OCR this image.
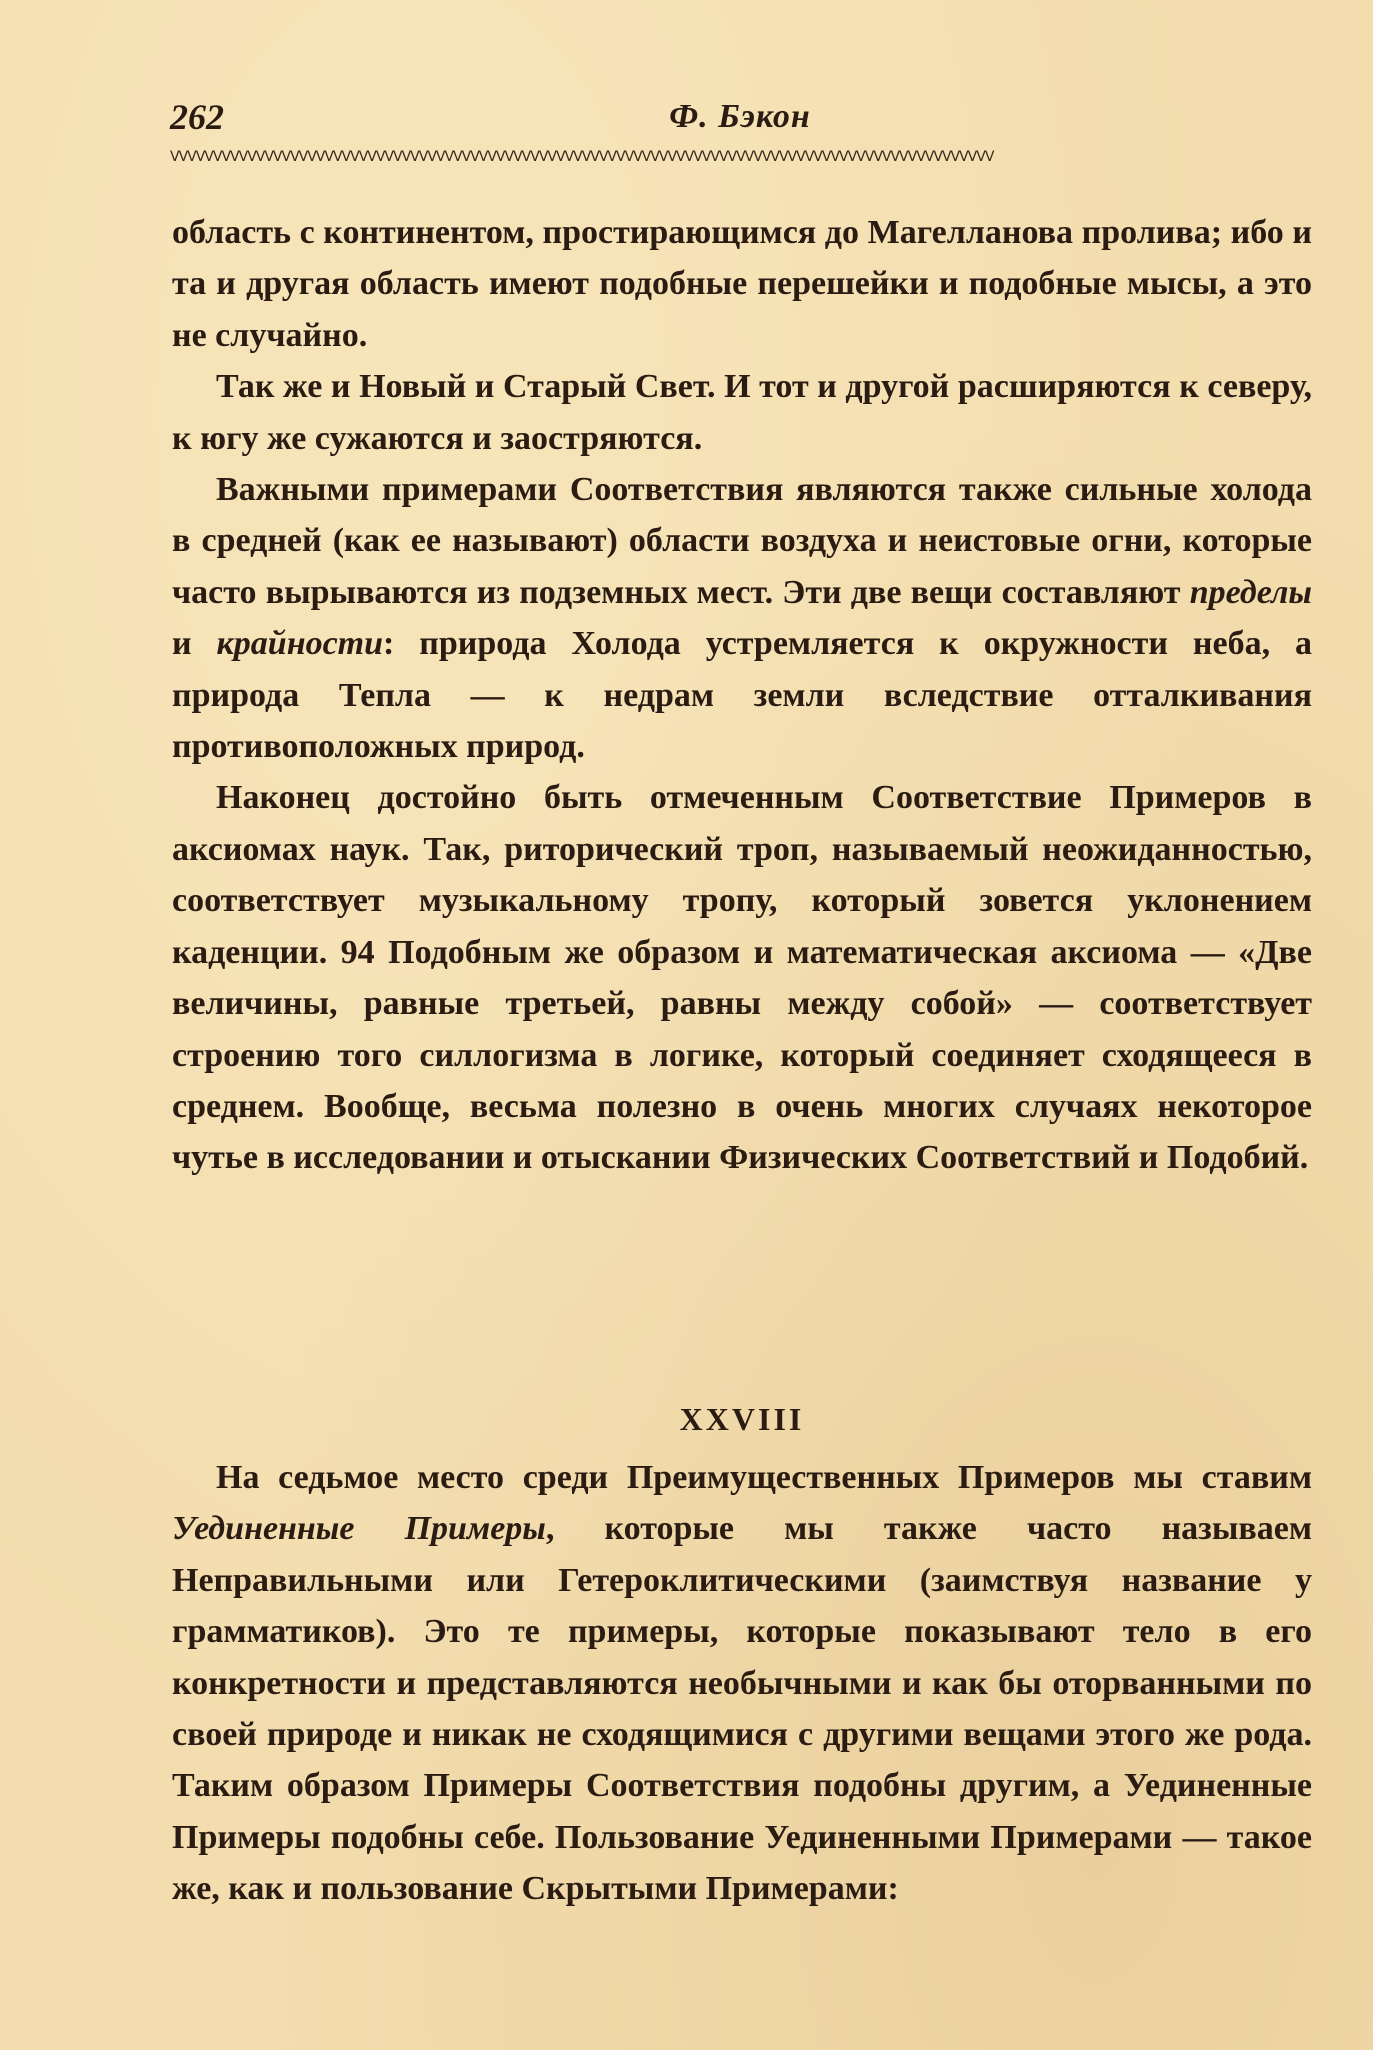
262	Ф. Бэкон
ᐯᐯᐯᐯᐯᐯᐯᐯᐯᐯᐯᐯᐯᐯᐯᐯᐯᐯᐯᐯᐯᐯᐯᐯᐯᐯᐯᐯᐯᐯᐯᐯᐯᐯᐯᐯᐯᐯᐯᐯᐯᐯᐯᐯᐯᐯᐯᐯᐯᐯᐯᐯᐯᐯᐯᐯᐯᐯᐯᐯᐯᐯᐯᐯᐯᐯᐯᐯᐯᐯᐯᐯᐯᐯᐯᐯᐯᐯᐯᐯᐯᐯᐯᐯᐯᐯᐯᐯᐯᐯᐯᐯᐯᐯᐯᐯ

область с континентом, простирающимся до Магелланова пролива; ибо и та и другая область имеют подобные перешейки и подобные мысы, а это не случайно.

Так же и Новый и Старый Свет. И тот и другой расширяются к северу, к югу же сужаются и заостряются.

Важными примерами Соответствия являются также сильные холода в средней (как ее называют) области воздуха и неистовые огни, которые часто вырываются из подземных мест. Эти две вещи составляют пределы и крайности: природа Холода устремляется к окружности неба, а природа Тепла — к недрам земли вследствие отталкивания противоположных природ.

Наконец достойно быть отмеченным Соответствие Примеров в аксиомах наук. Так, риторический троп, называемый неожиданностью, соответствует музыкальному тропу, который зовется уклонением каденции. 94 Подобным же образом и математическая аксиома — «Две величины, равные третьей, равны между собой» — соответствует строению того силлогизма в логике, который соединяет сходящееся в среднем. Вообще, весьма полезно в очень многих случаях некоторое чутье в исследовании и отыскании Физических Соответствий и Подобий.

XXVIII

На седьмое место среди Преимущественных Примеров мы ставим Уединенные Примеры, которые мы также часто называем Неправильными или Гетероклитическими (заимствуя название у грамматиков). Это те примеры, которые показывают тело в его конкретности и представляются необычными и как бы оторванными по своей природе и никак не сходящимися с другими вещами этого же рода. Таким образом Примеры Соответствия подобны другим, а Уединенные Примеры подобны себе. Пользование Уединенными Примерами — такое же, как и пользование Скрытыми Примерами:
